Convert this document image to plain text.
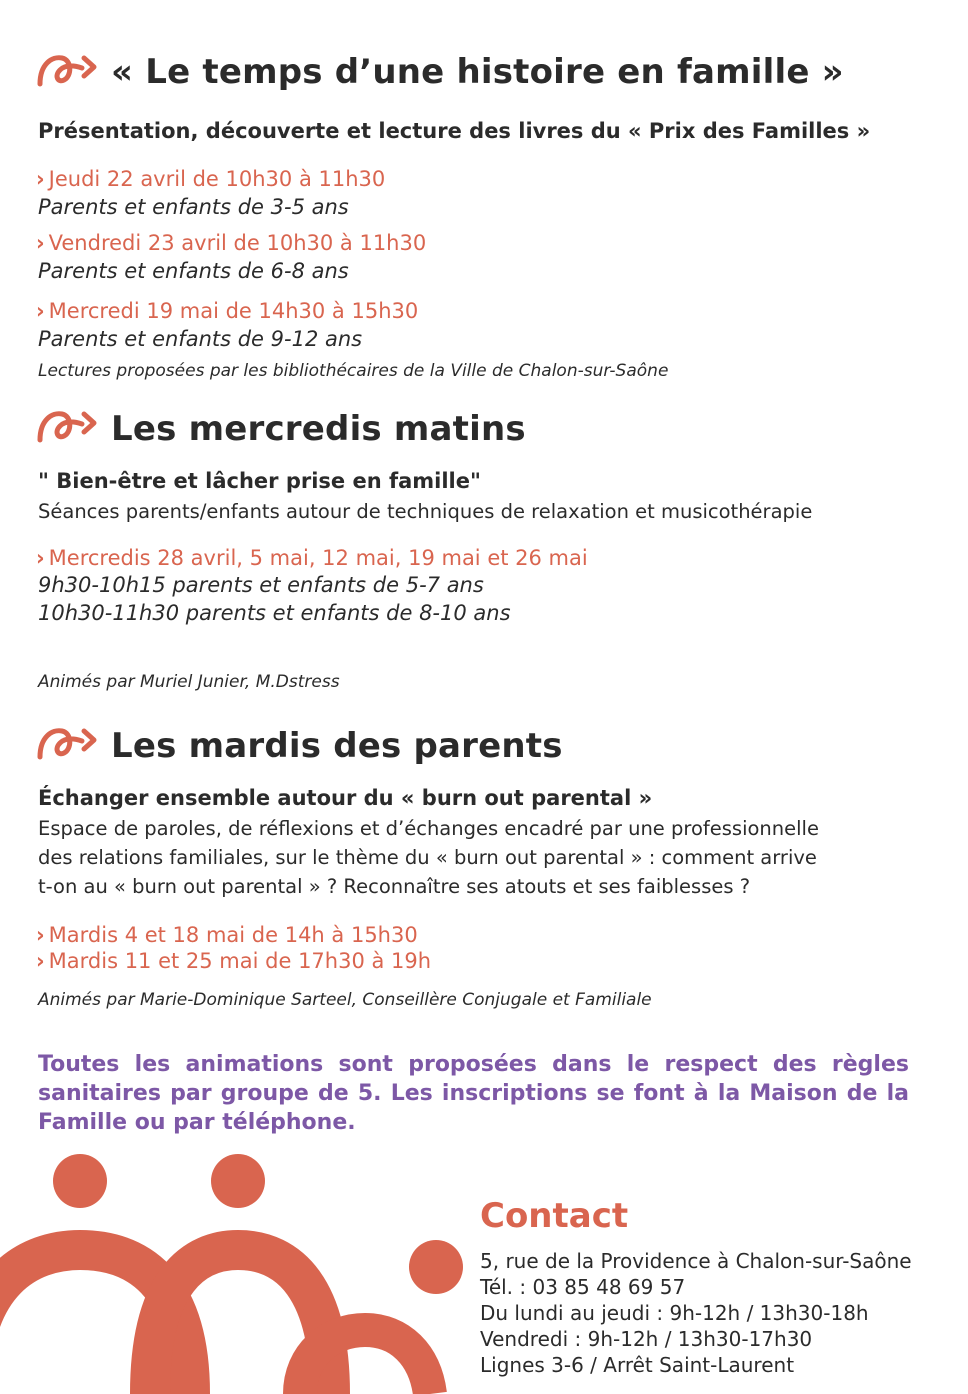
« Le temps d’une histoire en famille »
Présentation, découverte et lecture des livres du « Prix des Familles »
› Jeudi 22 avril de 10h30 à 11h30
Parents et enfants de 3-5 ans
› Vendredi 23 avril de 10h30 à 11h30
Parents et enfants de 6-8 ans
› Mercredi 19 mai de 14h30 à 15h30
Parents et enfants de 9-12 ans
Lectures proposées par les bibliothécaires de la Ville de Chalon-sur-Saône
Les mercredis matins
" Bien-être et lâcher prise en famille"
Séances parents/enfants autour de techniques de relaxation et musicothérapie
› Mercredis 28 avril, 5 mai, 12 mai, 19 mai et 26 mai
9h30-10h15 parents et enfants de 5-7 ans
10h30-11h30 parents et enfants de 8-10 ans
Animés par Muriel Junier, M.Dstress
Les mardis des parents
Échanger ensemble autour du « burn out parental »
Espace de paroles, de réflexions et d’échanges encadré par une professionnelle
des relations familiales, sur le thème du « burn out parental » : comment arrive
t-on au « burn out parental » ? Reconnaître ses atouts et ses faiblesses ?
› Mardis 4 et 18 mai de 14h à 15h30
› Mardis 11 et 25 mai de 17h30 à 19h
Animés par Marie-Dominique Sarteel, Conseillère Conjugale et Familiale
Toutes les animations sont proposées dans le respect des règles sanitaires par groupe de 5. Les inscriptions se font à la Maison de la Famille ou par téléphone.
Contact
5, rue de la Providence à Chalon-sur-Saône
Tél. : 03 85 48 69 57
Du lundi au jeudi : 9h-12h / 13h30-18h
Vendredi : 9h-12h / 13h30-17h30
Lignes 3-6 / Arrêt Saint-Laurent
